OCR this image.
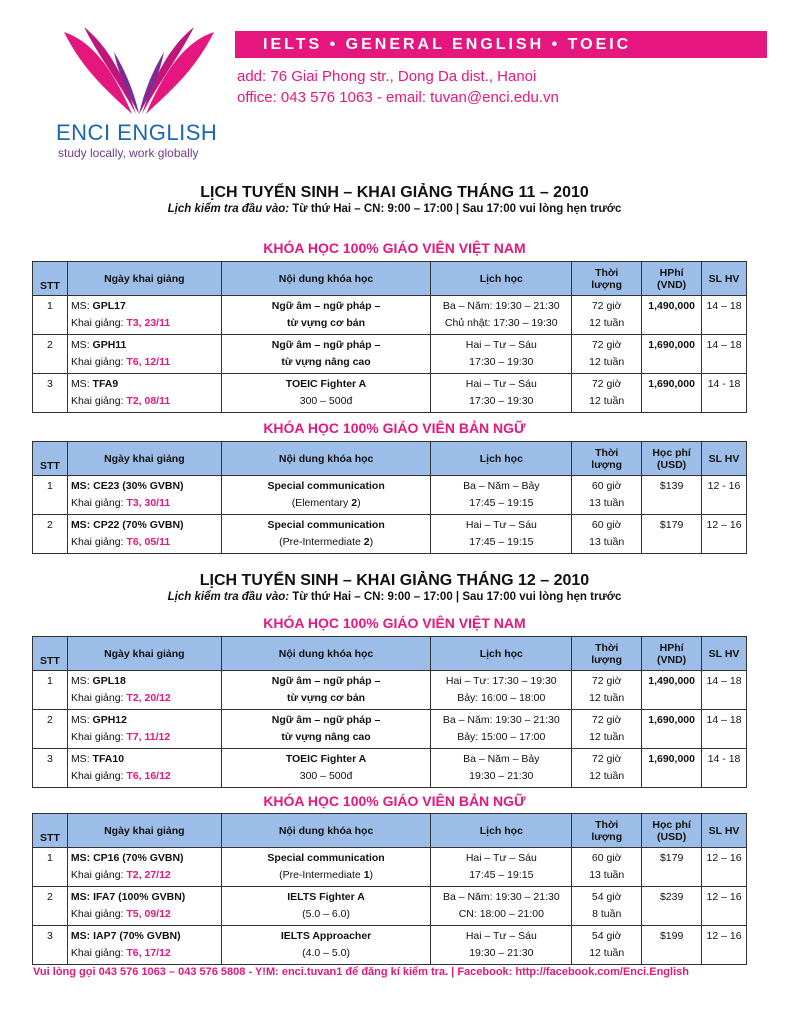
ENCI ENGLISH
study locally, work globally
IELTS • GENERAL ENGLISH • TOEIC
add: 76 Giai Phong str., Dong Da dist., Hanoi
office: 043 576 1063 - email: tuvan@enci.edu.vn
LỊCH TUYỂN SINH – KHAI GIẢNG THÁNG 11 – 2010
Lịch kiểm tra đầu vào: Từ thứ Hai – CN: 9:00 – 17:00 | Sau 17:00 vui lòng hẹn trước
KHÓA HỌC 100% GIÁO VIÊN VIỆT NAM
STT	Ngày khai giảng	Nội dung khóa học	Lịch học	Thời
lượng	HPhí
(VND)	SL HV
1	MS: GPL17
Khai giảng: T3, 23/11	Ngữ âm – ngữ pháp –
từ vựng cơ bản	Ba – Năm: 19:30 – 21:30
Chủ nhật: 17:30 – 19:30	72 giờ
12 tuần	1,490,000	14 – 18
2	MS: GPH11
Khai giảng: T6, 12/11	Ngữ âm – ngữ pháp –
từ vựng nâng cao	Hai – Tư – Sáu
17:30 – 19:30	72 giờ
12 tuần	1,690,000	14 – 18
3	MS: TFA9
Khai giảng: T2, 08/11	TOEIC Fighter A
300 – 500đ	Hai – Tư – Sáu
17:30 – 19:30	72 giờ
12 tuần	1,690,000	14 - 18
KHÓA HỌC 100% GIÁO VIÊN BẢN NGỮ
STT	Ngày khai giảng	Nội dung khóa học	Lịch học	Thời
lượng	Học phí
(USD)	SL HV
1	MS: CE23 (30% GVBN)
Khai giảng: T3, 30/11	Special communication
(Elementary 2)	Ba – Năm – Bảy
17:45 – 19:15	60 giờ
13 tuần	$139	12 - 16
2	MS: CP22 (70% GVBN)
Khai giảng: T6, 05/11	Special communication
(Pre-Intermediate 2)	Hai – Tư – Sáu
17:45 – 19:15	60 giờ
13 tuần	$179	12 – 16
LỊCH TUYỂN SINH – KHAI GIẢNG THÁNG 12 – 2010
Lịch kiểm tra đầu vào: Từ thứ Hai – CN: 9:00 – 17:00 | Sau 17:00 vui lòng hẹn trước
KHÓA HỌC 100% GIÁO VIÊN VIỆT NAM
STT	Ngày khai giảng	Nội dung khóa học	Lịch học	Thời
lượng	HPhí
(VND)	SL HV
1	MS: GPL18
Khai giảng: T2, 20/12	Ngữ âm – ngữ pháp –
từ vựng cơ bản	Hai – Tư: 17:30 – 19:30
Bảy: 16:00 – 18:00	72 giờ
12 tuần	1,490,000	14 – 18
2	MS: GPH12
Khai giảng: T7, 11/12	Ngữ âm – ngữ pháp –
từ vựng nâng cao	Ba – Năm: 19:30 – 21:30
Bảy: 15:00 – 17:00	72 giờ
12 tuần	1,690,000	14 – 18
3	MS: TFA10
Khai giảng: T6, 16/12	TOEIC Fighter A
300 – 500đ	Ba – Năm – Bảy
19:30 – 21:30	72 giờ
12 tuần	1,690,000	14 - 18
KHÓA HỌC 100% GIÁO VIÊN BẢN NGỮ
STT	Ngày khai giảng	Nội dung khóa học	Lịch học	Thời
lượng	Học phí
(USD)	SL HV
1	MS: CP16 (70% GVBN)
Khai giảng: T2, 27/12	Special communication
(Pre-Intermediate 1)	Hai – Tư – Sáu
17:45 – 19:15	60 giờ
13 tuần	$179	12 – 16
2	MS: IFA7 (100% GVBN)
Khai giảng: T5, 09/12	IELTS Fighter A
(5.0 – 6.0)	Ba – Năm: 19:30 – 21:30
CN: 18:00 – 21:00	54 giờ
8 tuần	$239	12 – 16
3	MS: IAP7 (70% GVBN)
Khai giảng: T6, 17/12	IELTS Approacher
(4.0 – 5.0)	Hai – Tư – Sáu
19:30 – 21:30	54 giờ
12 tuần	$199	12 – 16
Vui lòng gọi 043 576 1063 – 043 576 5808 - Y!M: enci.tuvan1 để đăng kí kiểm tra. | Facebook: http://facebook.com/Enci.English
